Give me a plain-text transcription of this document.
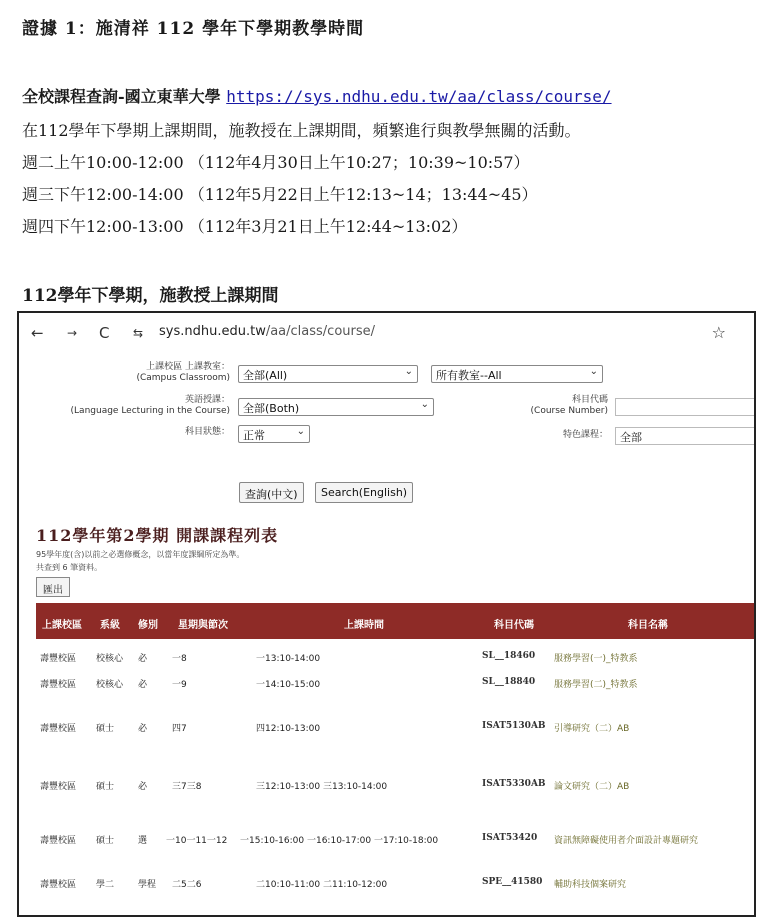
證據 1：施清祥 112 學年下學期教學時間
全校課程查詢-國立東華大學 https://sys.ndhu.edu.tw/aa/class/course/
在112學年下學期上課期間，施教授在上課期間，頻繁進行與教學無關的活動。
週二上午10:00-12:00 （112年4月30日上午10:27；10:39~10:57）
週三下午12:00-14:00 （112年5月22日上午12:13~14；13:44~45）
週四下午12:00-13:00 （112年3月21日上午12:44~13:02）
112學年下學期，施教授上課期間
← → C ⇆ sys.ndhu.edu.tw/aa/class/course/	☆
上課校區 上課教室：
(Campus Classroom)	全部(All)	⌄	所有教室--All	⌄
英語授課：
(Language Lecturing in the Course)	全部(Both)	⌄	科目代碼
(Course Number)
科目狀態：	正常	⌄	特色課程：	全部
查詢(中文)	Search(English)
112學年第2學期 開課課程列表
95學年度(含)以前之必選修概念，以當年度課綱所定為準。
共查到 6 筆資料。
匯出
上課校區 系級 修別 星期與節次	上課時間	科目代碼	科目名稱
壽豐校區 校核心 必	一8	一13:10-14:00	SL__18460 服務學習(一)_特教系
壽豐校區 校核心 必	一9	一14:10-15:00	SL__18840 服務學習(二)_特教系
壽豐校區 碩士	必	四7	四12:10-13:00	ISAT5130AB 引導研究（二）AB
壽豐校區 碩士	必	三7三8	三12:10-13:00 三13:10-14:00	ISAT5330AB 論文研究（二）AB
壽豐校區 碩士	選 一10一11一12 一15:10-16:00 一16:10-17:00 一17:10-18:00	ISAT53420 資訊無障礙使用者介面設計專題研究
壽豐校區 學二	學程 二5二6	二10:10-11:00 二11:10-12:00	SPE__41580 輔助科技個案研究
